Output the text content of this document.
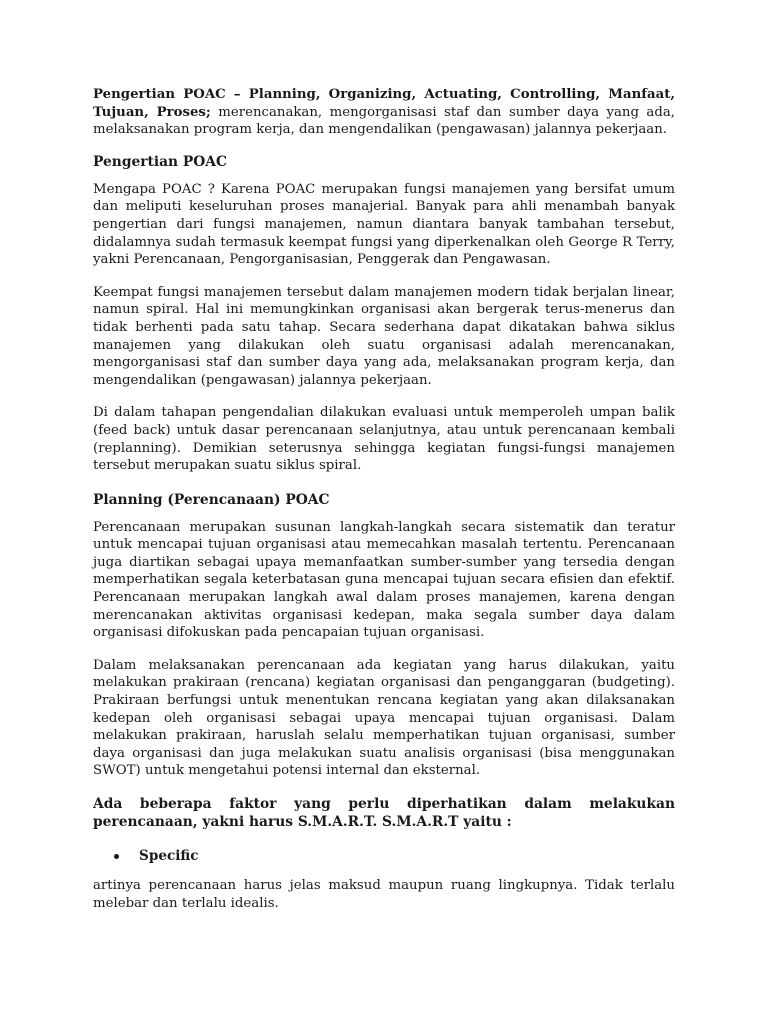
Pengertian POAC – Planning, Organizing, Actuating, Controlling, Manfaat, Tujuan, Proses; merencanakan, mengorganisasi staf dan sumber daya yang ada, melaksanakan program kerja, dan mengendalikan (pengawasan) jalannya pekerjaan.

Pengertian POAC

Mengapa POAC ? Karena POAC merupakan fungsi manajemen yang bersifat umum dan meliputi keseluruhan proses manajerial. Banyak para ahli menambah banyak pengertian dari fungsi manajemen, namun diantara banyak tambahan tersebut, didalamnya sudah termasuk keempat fungsi yang diperkenalkan oleh George R Terry, yakni Perencanaan, Pengorganisasian, Penggerak dan Pengawasan.

Keempat fungsi manajemen tersebut dalam manajemen modern tidak berjalan linear, namun spiral. Hal ini memungkinkan organisasi akan bergerak terus-menerus dan tidak berhenti pada satu tahap. Secara sederhana dapat dikatakan bahwa siklus manajemen yang dilakukan oleh suatu organisasi adalah merencanakan, mengorganisasi staf dan sumber daya yang ada, melaksanakan program kerja, dan mengendalikan (pengawasan) jalannya pekerjaan.

Di dalam tahapan pengendalian dilakukan evaluasi untuk memperoleh umpan balik (feed back) untuk dasar perencanaan selanjutnya, atau untuk perencanaan kembali (replanning). Demikian seterusnya sehingga kegiatan fungsi-fungsi manajemen tersebut merupakan suatu siklus spiral.

Planning (Perencanaan) POAC

Perencanaan merupakan susunan langkah-langkah secara sistematik dan teratur untuk mencapai tujuan organisasi atau memecahkan masalah tertentu. Perencanaan juga diartikan sebagai upaya memanfaatkan sumber-sumber yang tersedia dengan memperhatikan segala keterbatasan guna mencapai tujuan secara efisien dan efektif. Perencanaan merupakan langkah awal dalam proses manajemen, karena dengan merencanakan aktivitas organisasi kedepan, maka segala sumber daya dalam organisasi difokuskan pada pencapaian tujuan organisasi.

Dalam melaksanakan perencanaan ada kegiatan yang harus dilakukan, yaitu melakukan prakiraan (rencana) kegiatan organisasi dan penganggaran (budgeting). Prakiraan berfungsi untuk menentukan rencana kegiatan yang akan dilaksanakan kedepan oleh organisasi sebagai upaya mencapai tujuan organisasi. Dalam melakukan prakiraan, haruslah selalu memperhatikan tujuan organisasi, sumber daya organisasi dan juga melakukan suatu analisis organisasi (bisa menggunakan SWOT) untuk mengetahui potensi internal dan eksternal.

Ada beberapa faktor yang perlu diperhatikan dalam melakukan perencanaan, yakni harus S.M.A.R.T. S.M.A.R.T yaitu :

Specific

artinya perencanaan harus jelas maksud maupun ruang lingkupnya. Tidak terlalu melebar dan terlalu idealis.
